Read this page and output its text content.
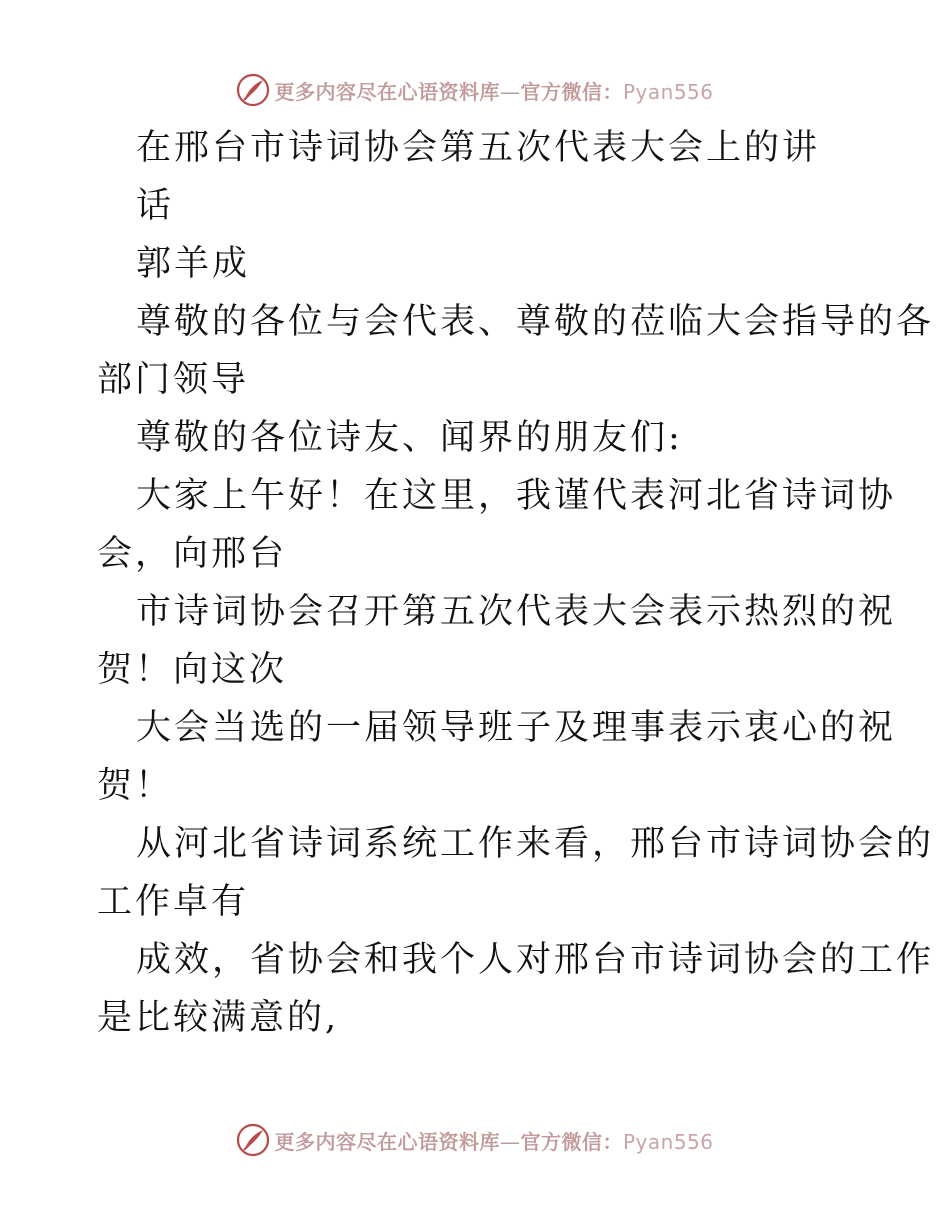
更多内容尽在心语资料库—官方微信：Pyan556
在邢台市诗词协会第五次代表大会上的讲
话
郭羊成
尊敬的各位与会代表、尊敬的莅临大会指导的各
部门领导
尊敬的各位诗友、闻界的朋友们:
大家上午好！在这里，我谨代表河北省诗词协
会，向邢台
市诗词协会召开第五次代表大会表示热烈的祝
贺！向这次
大会当选的一届领导班子及理事表示衷心的祝
贺！
从河北省诗词系统工作来看，邢台市诗词协会的
工作卓有
成效，省协会和我个人对邢台市诗词协会的工作
是比较满意的,
更多内容尽在心语资料库—官方微信：Pyan556
